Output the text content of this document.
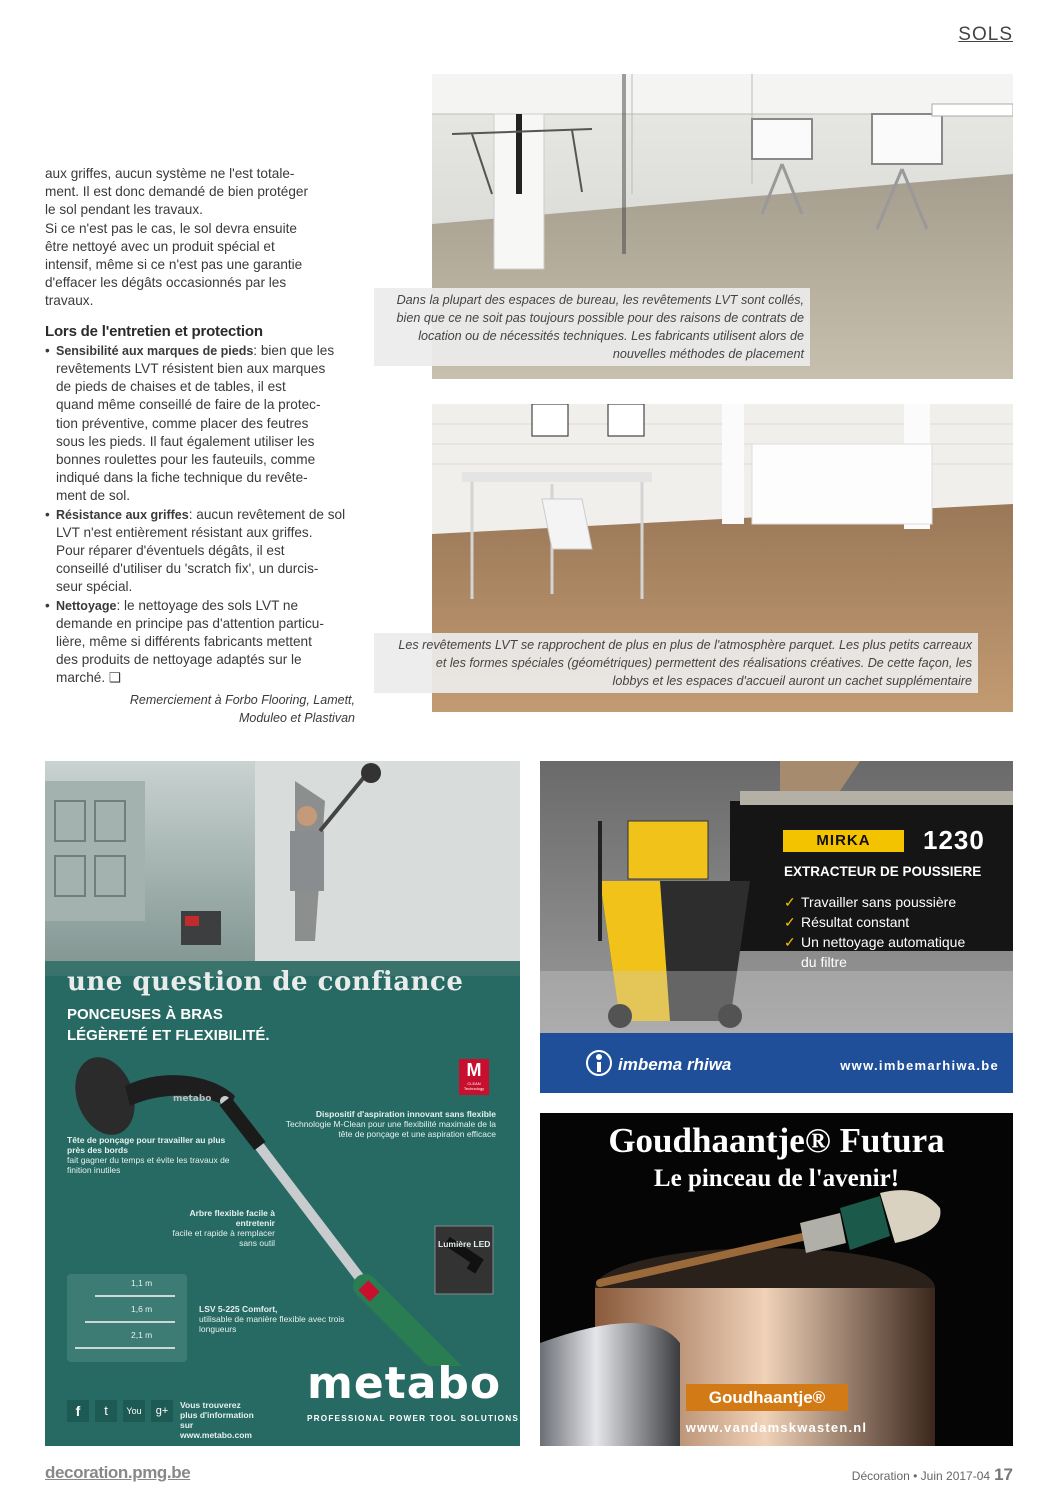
SOLS

aux griffes, aucun système ne l'est totale-

ment. Il est donc demandé de bien protéger

le sol pendant les travaux.

Si ce n'est pas le cas, le sol devra ensuite

être nettoyé avec un produit spécial et

intensif, même si ce n'est pas une garantie

d'effacer les dégâts occasionnés par les

travaux.

Lors de l'entretien et protection
• Sensibilité aux marques de pieds: bien que les

revêtements LVT résistent bien aux marques

de pieds de chaises et de tables, il est

quand même conseillé de faire de la protec-

tion préventive, comme placer des feutres

sous les pieds. Il faut également utiliser les

bonnes roulettes pour les fauteuils, comme

indiqué dans la fiche technique du revête-

ment de sol.

• Résistance aux griffes: aucun revêtement de sol

LVT n'est entièrement résistant aux griffes.

Pour réparer d'éventuels dégâts, il est

conseillé d'utiliser du 'scratch fix', un durcis-

seur spécial.

• Nettoyage: le nettoyage des sols LVT ne

demande en principe pas d'attention particu-

lière, même si différents fabricants mettent

des produits de nettoyage adaptés sur le

marché. ❑

Remerciement à Forbo Flooring, Lamett,

Moduleo et Plastivan

Dans la plupart des espaces de bureau, les revêtements LVT sont collés,

bien que ce ne soit pas toujours possible pour des raisons de contrats de

location ou de nécessités techniques. Les fabricants utilisent alors de

nouvelles méthodes de placement

Les revêtements LVT se rapprochent de plus en plus de l'atmosphère parquet. Les plus petits carreaux

et les formes spéciales (géométriques) permettent des réalisations créatives. De cette façon, les

lobbys et les espaces d'accueil auront un cachet supplémentaire

une question de confiance
PONCEUSES À BRAS
LÉGÈRETÉ ET FLEXIBILITÉ.
M
CLEAN Technology
metabo
Tête de ponçage pour travailler au plus près des bords
fait gagner du temps et évite les travaux de finition inutiles
Dispositif d'aspiration innovant sans flexible
Technologie M-Clean pour une flexibilité maximale de la tête de ponçage et une aspiration efficace
Arbre flexible facile à entretenir
facile et rapide à remplacer sans outil	Lumière LED
LSV 5-225 Comfort,
utilisable de manière flexible avec trois longueurs
1,1 m
1,6 m
2,1 m
f	t	You	g+	Vous trouverez plus d'information sur www.metabo.com
metabo
PROFESSIONAL POWER TOOL SOLUTIONS
MIRKA	1230
EXTRACTEUR DE POUSSIERE
✓ Travailler sans poussière
✓ Résultat constant
✓ Un nettoyage automatique
du filtre
imbema rhiwa	www.imbemarhiwa.be
Goudhaantje® Futura
Le pinceau de l'avenir!
Goudhaantje®
www.vandamskwasten.nl
decoration.pmg.be	Décoration • Juin 2017-04 17
